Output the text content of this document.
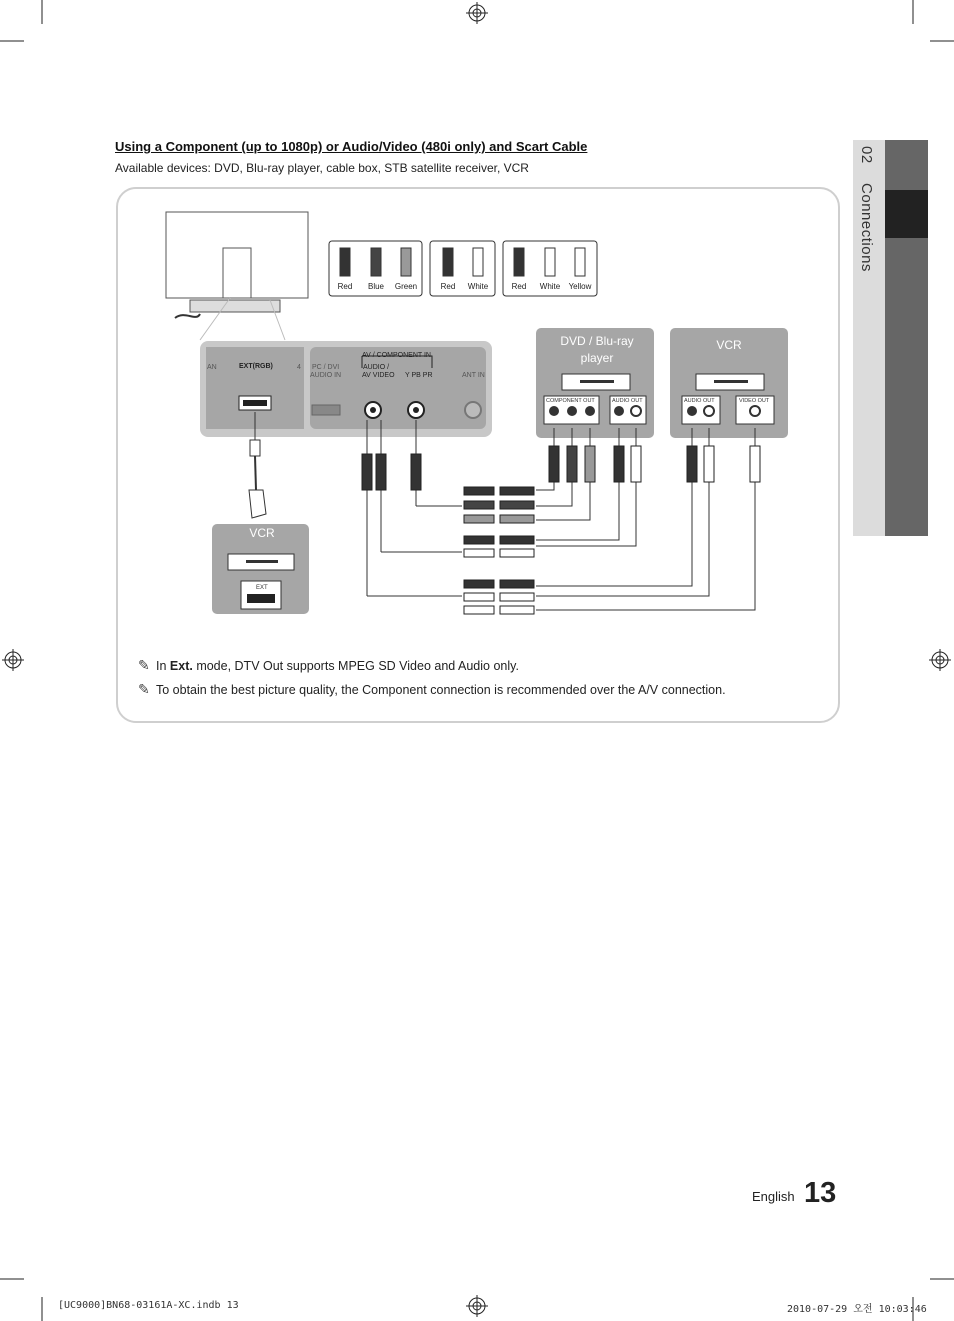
02  Connections
Using a Component (up to 1080p) or Audio/Video (480i only) and Scart Cable
Available devices: DVD, Blu-ray player, cable box, STB satellite receiver, VCR
Red Blue Green	Red White	Red White Yellow
EXT(RGB)
AV / COMPONENT IN
AUDIO /
AV VIDEO Y PB PR
PC / DVI
AUDIO IN	ANT IN
AN	4
DVD / Blu-ray
player
COMPONENT OUT	AUDIO OUT
VCR
AUDIO OUT	VIDEO OUT
VCR
EXT
✎ In Ext. mode, DTV Out supports MPEG SD Video and Audio only.
✎ To obtain the best picture quality, the Component connection is recommended over the A/V connection.
English 13
[UC9000]BN68-03161A-XC.indb 13	2010-07-29 오전 10:03:46
